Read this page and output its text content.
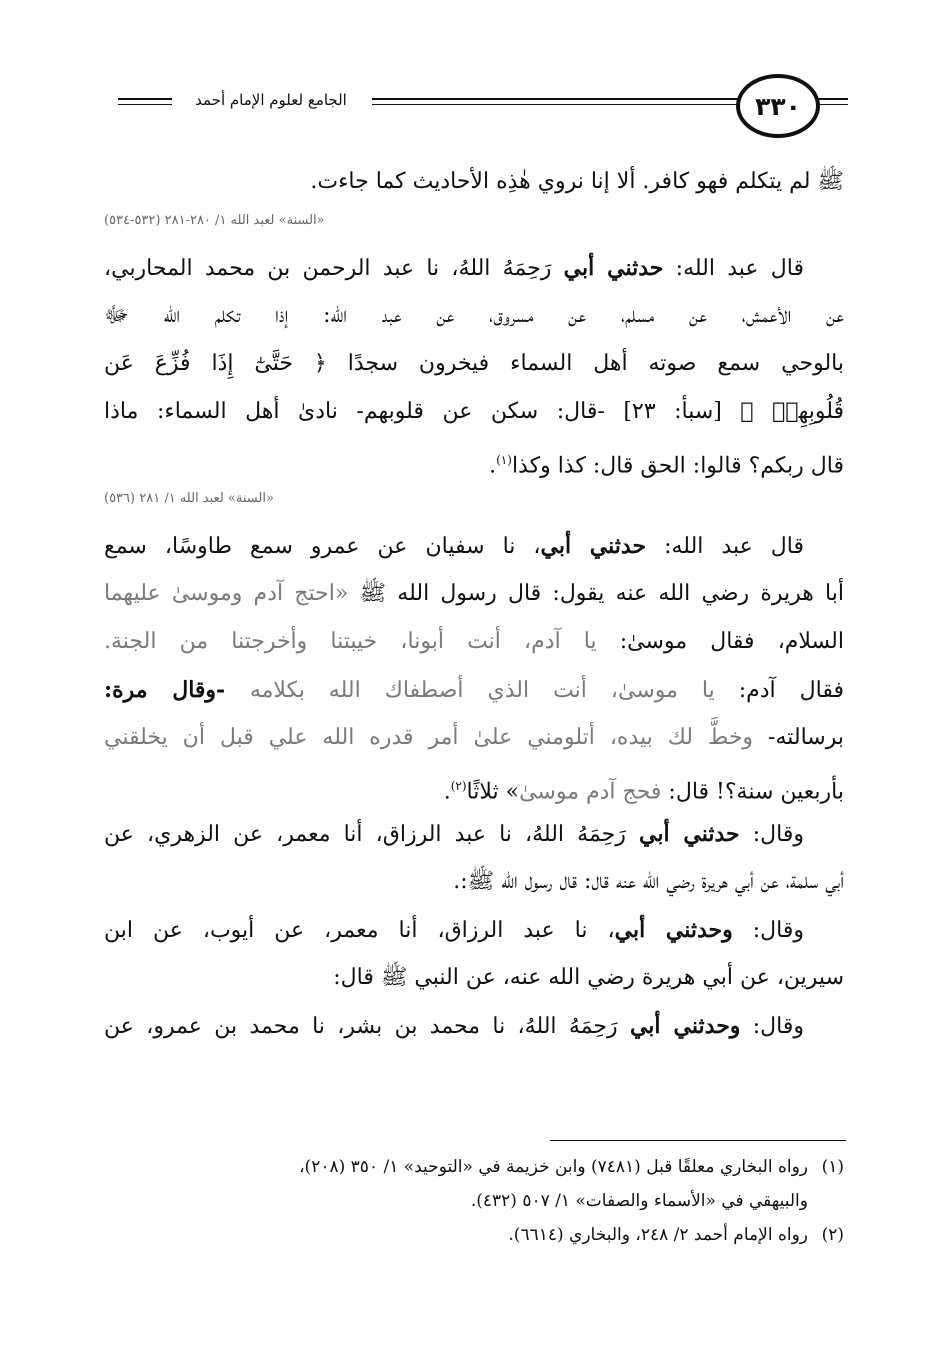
الجامع لعلوم الإمام أحمد	٣٣٠
ﷺ لم يتكلم فهو كافر. ألا إنا نروي هٰذِه الأحاديث كما جاءت.
«السنة» لعبد الله ١/ ٢٨٠-٢٨١ (٥٣٢-٥٣٤)
قال عبد الله: حدثني أبي رَحِمَهُ اللهُ، نا عبد الرحمن بن محمد المحاربي،
عن الأعمش، عن مسلم، عن مسروق، عن عبد الله: إذا تكلم الله ﷻ
بالوحي سمع صوته أهل السماء فيخرون سجدًا ﴿ حَتَّىٰٓ إِذَا فُزِّعَ عَن
قُلُوبِهِمۡ ﴾ [سبأ: ٢٣] -قال: سكن عن قلوبهم- نادىٰ أهل السماء: ماذا
قال ربكم؟ قالوا: الحق قال: كذا وكذا$^{(١)}$.
«السنة» لعبد الله ١/ ٢٨١ (٥٣٦)
قال عبد الله: حدثني أبي، نا سفيان عن عمرو سمع طاوسًا، سمع
أبا هريرة رضي الله عنه يقول: قال رسول الله ﷺ «احتج آدم وموسىٰ عليهما
السلام، فقال موسىٰ: يا آدم، أنت أبونا، خيبتنا وأخرجتنا من الجنة.
فقال آدم: يا موسىٰ، أنت الذي أصطفاك الله بكلامه -وقال مرة:
برسالته- وخطَّ لك بيده، أتلومني علىٰ أمر قدره الله علي قبل أن يخلقني
بأربعين سنة؟! قال: فحج آدم موسىٰ» ثلاثًا$^{(٢)}$.
وقال: حدثني أبي رَحِمَهُ اللهُ، نا عبد الرزاق، أنا معمر، عن الزهري، عن
أبي سلمة، عن أبي هريرة رضي الله عنه قال: قال رسول الله ﷺ:.
وقال: وحدثني أبي، نا عبد الرزاق، أنا معمر، عن أيوب، عن ابن
سيرين، عن أبي هريرة رضي الله عنه، عن النبي ﷺ قال:
وقال: وحدثني أبي رَحِمَهُ اللهُ، نا محمد بن بشر، نا محمد بن عمرو، عن
(١)رواه البخاري معلقًا قبل (٧٤٨١) وابن خزيمة في «التوحيد» ١/ ٣٥٠ (٢٠٨)،
والبيهقي في «الأسماء والصفات» ١/ ٥٠٧ (٤٣٢).
(٢)رواه الإمام أحمد ٢/ ٢٤٨، والبخاري (٦٦١٤).
